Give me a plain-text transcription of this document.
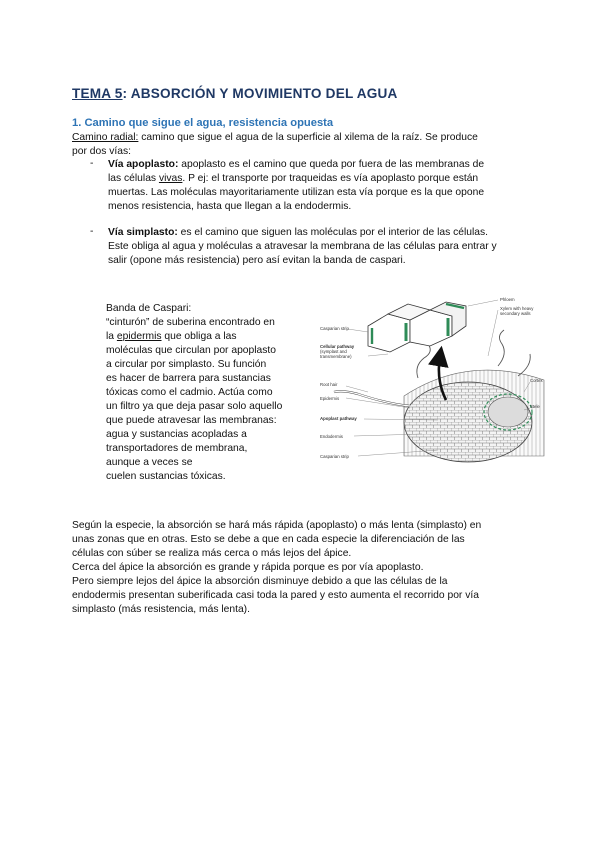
TEMA 5: ABSORCIÓN Y MOVIMIENTO DEL AGUA
1. Camino que sigue el agua, resistencia opuesta
Camino radial: camino que sigue el agua de la superficie al xilema de la raíz. Se produce
por dos vías:
- Vía apoplasto: apoplasto es el camino que queda por fuera de las membranas de
las células vivas. P ej: el transporte por traqueidas es vía apoplasto porque están
muertas. Las moléculas mayoritariamente utilizan esta vía porque es la que opone
menos resistencia, hasta que llegan a la endodermis.
- Vía simplasto: es el camino que siguen las moléculas por el interior de las células.
Este obliga al agua y moléculas a atravesar la membrana de las células para entrar y
salir (opone más resistencia) pero así evitan la banda de caspari.
Banda de Caspari:
“cinturón” de suberina encontrado en
la epidermis que obliga a las
moléculas que circulan por apoplasto
a circular por simplasto. Su función
es hacer de barrera para sustancias
tóxicas como el cadmio. Actúa como
un filtro ya que deja pasar solo aquello
que puede atravesar las membranas:
agua y sustancias acopladas a
transportadores de membrana,
aunque a veces se
cuelen sustancias tóxicas.
Casparian strip
Cellular pathway
(symplast and
transmembrane)
Root hair
Epidermis
Apoplast pathway
Endodermis
Casparian strip
Phloem
Xylem with heavy
secondary walls
Cortex
Stele
Según la especie, la absorción se hará más rápida (apoplasto) o más lenta (simplasto) en
unas zonas que en otras. Esto se debe a que en cada especie la diferenciación de las
células con súber se realiza más cerca o más lejos del ápice.
Cerca del ápice la absorción es grande y rápida porque es por vía apoplasto.
Pero siempre lejos del ápice la absorción disminuye debido a que las células de la
endodermis presentan suberificada casi toda la pared y esto aumenta el recorrido por vía
simplasto (más resistencia, más lenta).
